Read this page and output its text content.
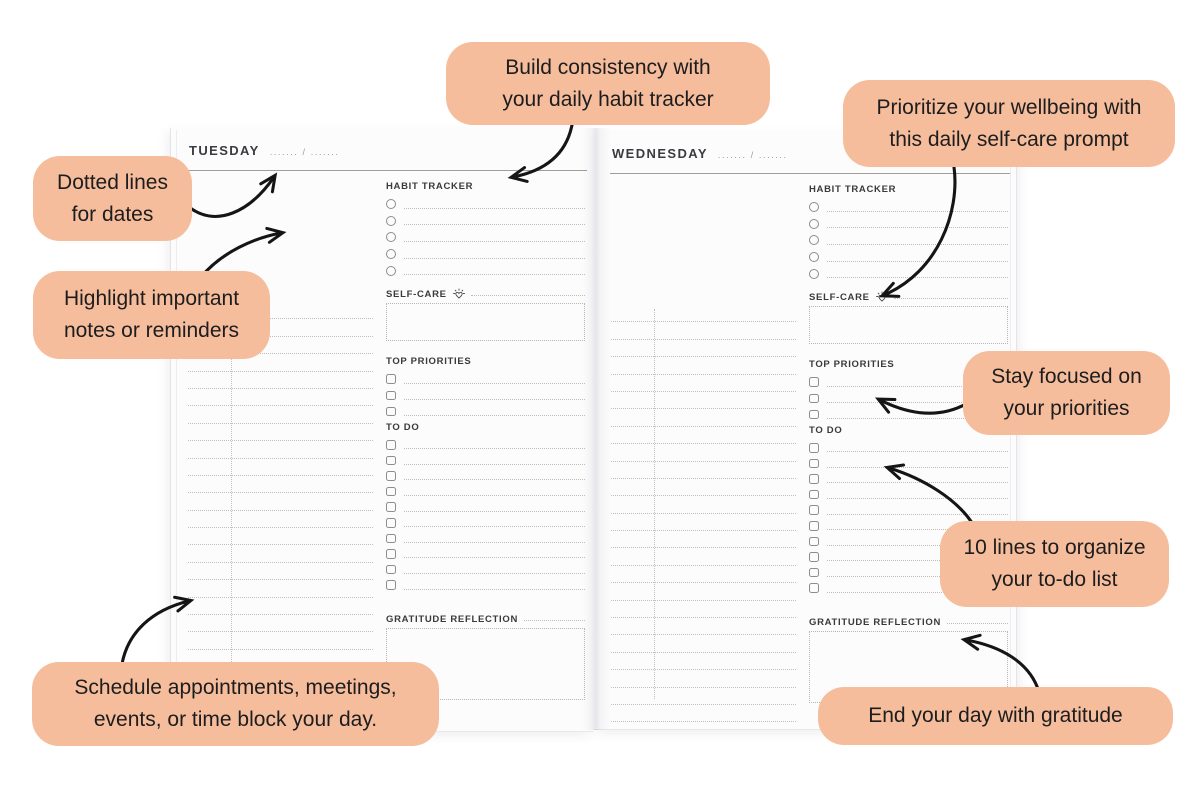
TUESDAY ....... / .......
HABIT TRACKER
SELF-CARE
TOP PRIORITIES
TO DO
GRATITUDE REFLECTION
WEDNESDAY ....... / .......
HABIT TRACKER
SELF-CARE
TOP PRIORITIES
TO DO
GRATITUDE REFLECTION
Build consistency with
your daily habit tracker	Prioritize your wellbeing with
this daily self-care prompt
Dotted lines
for dates
Highlight important
notes or reminders
Stay focused on
your priorities
10 lines to organize
your to-do list
Schedule appointments, meetings,
events, or time block your day.	End your day with gratitude
